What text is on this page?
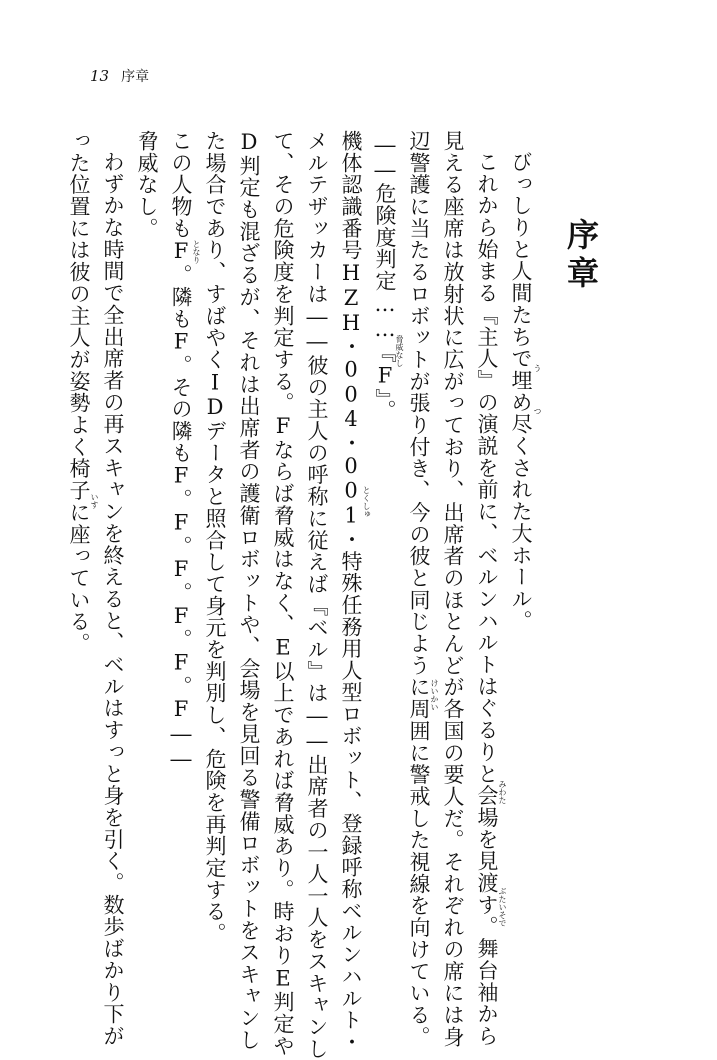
13 序章
序章
びっしりと人間たちで埋め尽くされた大ホール。
これから始まる『主人』の演説を前に、ベルンハルトはぐるりと会場を見渡す。舞台袖から
見える座席は放射状に広がっており、出席者のほとんどが各国の要人だ。それぞれの席には身
辺警護に当たるロボットが張り付き、今の彼と同じように周囲に警戒した視線を向けている。
――危険度判定……『F』。
機体認識番号HZH・004・001・特殊任務用人型ロボット、登録呼称ベルンハルト・
メルテザッカーは――彼の主人の呼称に従えば『ベル』は――出席者の一人一人をスキャンし
て、その危険度を判定する。Fならば脅威はなく、E以上であれば脅威あり。時おりE判定や
D判定も混ざるが、それは出席者の護衛ロボットや、会場を見回る警備ロボットをスキャンし
た場合であり、すばやくIDデータと照合して身元を判別し、危険を再判定する。
この人物もF。隣もF。その隣もF。F。F。F。F。F――
脅威なし。
わずかな時間で全出席者の再スキャンを終えると、ベルはすっと身を引く。数歩ばかり下が
った位置には彼の主人が姿勢よく椅子に座っている。	う
つ
みわた
ぶたいそで
けいかい
脅威なし
とくしゅ
となり
いす
